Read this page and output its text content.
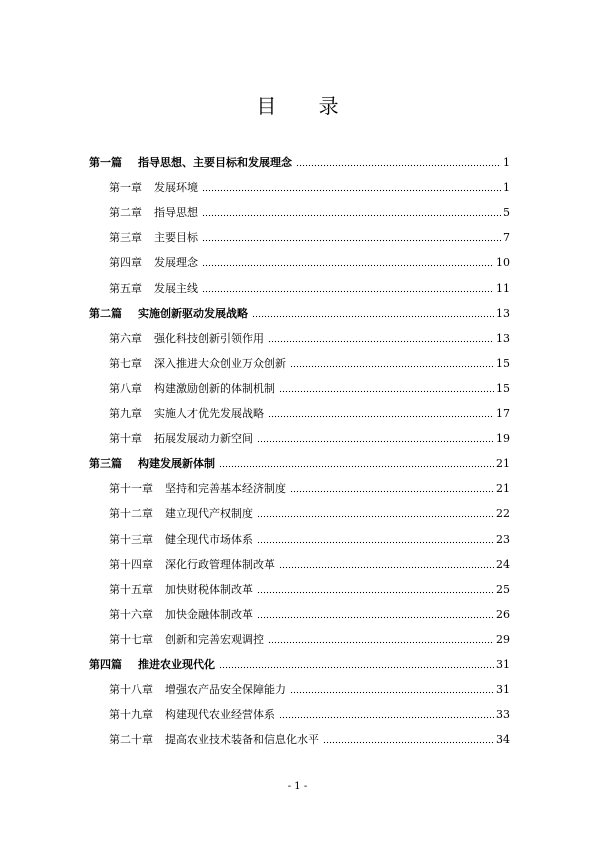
目 录
第一篇 指导思想、主要目标和发展理念	1
第一章 发展环境	1
第二章 指导思想	5
第三章 主要目标	7
第四章 发展理念	10
第五章 发展主线	11
第二篇 实施创新驱动发展战略	13
第六章 强化科技创新引领作用	13
第七章 深入推进大众创业万众创新	15
第八章 构建激励创新的体制机制	15
第九章 实施人才优先发展战略	17
第十章 拓展发展动力新空间	19
第三篇 构建发展新体制	21
第十一章 坚持和完善基本经济制度	21
第十二章 建立现代产权制度	22
第十三章 健全现代市场体系	23
第十四章 深化行政管理体制改革	24
第十五章 加快财税体制改革	25
第十六章 加快金融体制改革	26
第十七章 创新和完善宏观调控	29
第四篇 推进农业现代化	31
第十八章 增强农产品安全保障能力	31
第十九章 构建现代农业经营体系	33
第二十章 提高农业技术装备和信息化水平	34
- 1 -
